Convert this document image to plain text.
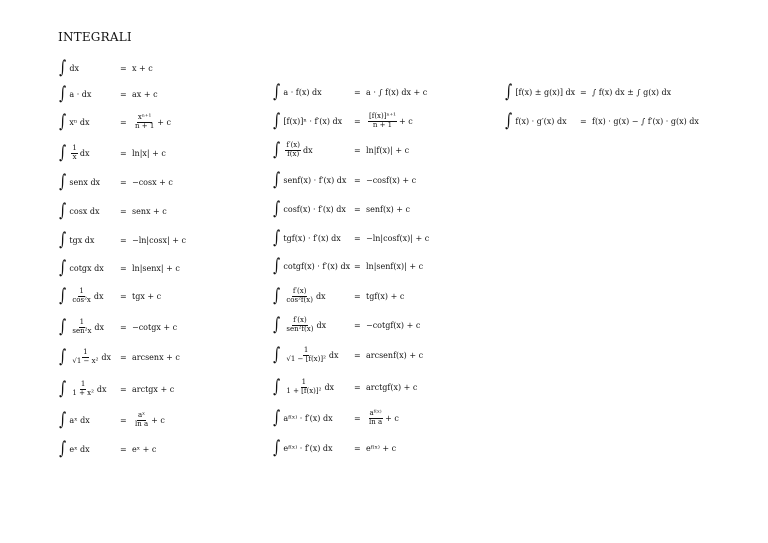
INTEGRALI
∫ dx	= x + c
∫ a · dx	= ax + c
∫ xⁿ dx	= $\frac{\text{xⁿ⁺¹}}{n + 1} + c$
∫ $\frac{1}{x}$ dx	= ln|x| + c
∫ senx dx = −cosx + c
∫ cosx dx	= senx + c
∫ tgx dx	= −ln|cosx| + c
∫ cotgx dx = ln|senx| + c
∫ $\frac{1}{\text{cos²x}}$ dx = tgx + c
∫ $\frac{1}{\text{sen²x}}$ dx = −cotgx + c
∫ $\frac{1}{\text{√1 − x²}}$ dx = arcsenx + c
∫ $\frac{1}{\text{1 + x²}}$ dx = arctgx + c
∫ aˣ dx	= $\frac{\text{aˣ}}{\text{ln a}} + c$
∫ eˣ dx	= eˣ + c
∫ a · f(x) dx	= a · ∫ f(x) dx + c
∫ [f(x)]ⁿ · f′(x) dx = $\frac{\text{[f(x)]ⁿ⁺¹}}{n + 1} + c$
∫ $\frac{f'(x)}{f(x)}$ dx	= ln|f(x)| + c
∫ senf(x) · f′(x) dx = −cosf(x) + c
∫ cosf(x) · f′(x) dx = senf(x) + c
∫ tgf(x) · f′(x) dx = −ln|cosf(x)| + c
∫ cotgf(x) · f′(x) dx = ln|senf(x)| + c
∫ $\frac{f'(x)}{\text{cos²f(x)}}$ dx	= tgf(x) + c
∫ $\frac{f'(x)}{\text{sen²f(x)}}$ dx	= −cotgf(x) + c
∫ $\frac{1}{\text{√1 − [f(x)]²}}$ dx = arcsenf(x) + c
∫ $\frac{1}{\text{1 + [f(x)]²}}$ dx = arctgf(x) + c
∫ aᶠ⁽ˣ⁾ · f′(x) dx	= $\frac{\text{aᶠ⁽ˣ⁾}}{\text{ln a}} + c$
∫ eᶠ⁽ˣ⁾ · f′(x) dx	= eᶠ⁽ˣ⁾ + c
∫ [f(x) ± g(x)] dx = ∫ f(x) dx ± ∫ g(x) dx
∫ f(x) · g′(x) dx = f(x) · g(x) − ∫ f′(x) · g(x) dx
